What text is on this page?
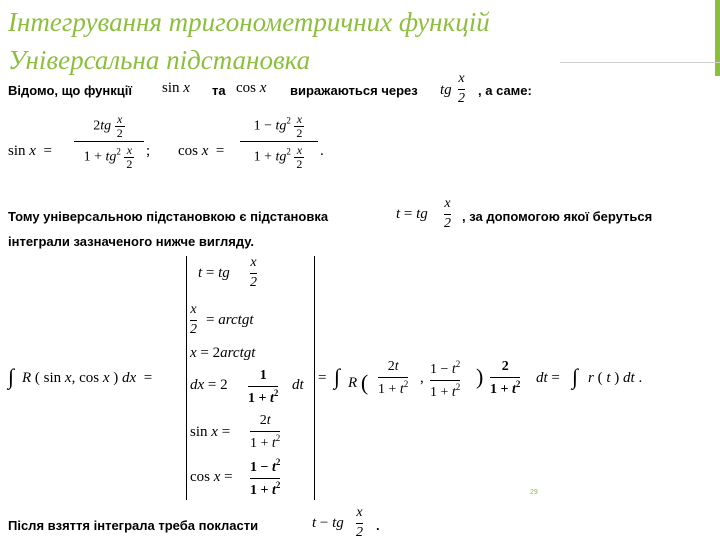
Інтегрування тригонометричних функцій
Універсальна підстановка
Відомо, що функції sin x та cos x виражаються через tg
x
2
, а саме:
sin x  =
$2tg \frac{x}{2}$
$1 + tg^2 \frac{x}{2}$ ; cos x  =
$1 - tg^2 \frac{x}{2}$
$1 + tg^2 \frac{x}{2}$ .
Тому універсальною підстановкою є підстановка	t = tg
x
2 , за допомогою якої беруться
інтеграли зазначеного нижче вигляду.
∫ R ( sin x, cos x ) dx  =
t = tg
x
2
x
2
= arctgt
x = 2arctgt
dx = 2
1
$1 + t^2$ dt
sin x =
2t
$1 + t^2$
cos x =
$1 - t^2$
$1 + t^2$
= ∫ R (
2t
$1 + t^2$ ,
$1 - t^2$
$1 + t^2$ ) 2
$1 + t^2$ dt = ∫ r ( t ) dt .
29
Після взяття інтеграла треба покласти	t − tg
x
2 .
